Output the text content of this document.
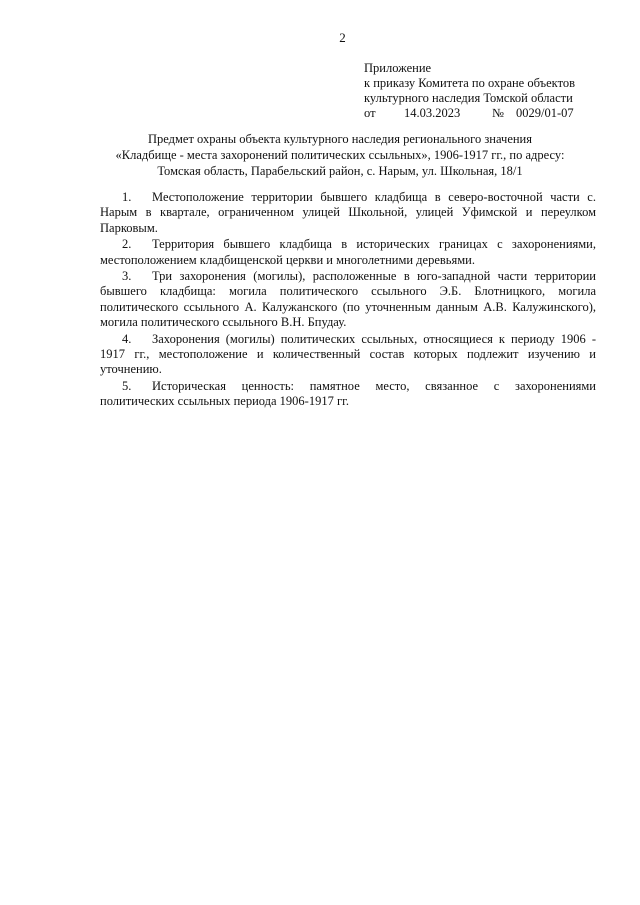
2
Приложение
к приказу Комитета по охране объектов
культурного наследия Томской области
от 14.03.2023	№ 0029/01-07
Предмет охраны объекта культурного наследия регионального значения
«Кладбище - места захоронений политических ссыльных», 1906-1917 гг., по адресу:
Томская область, Парабельский район, с. Нарым, ул. Школьная, 18/1
1. Местоположение территории бывшего кладбища в северо-восточной части с. Нарым в квартале, ограниченном улицей Школьной, улицей Уфимской и переулком Парковым.
2. Территория бывшего кладбища в исторических границах с захоронениями, местоположением кладбищенской церкви и многолетними деревьями.
3. Три захоронения (могилы), расположенные в юго-западной части территории бывшего кладбища: могила политического ссыльного Э.Б. Блотницкого, могила политического ссыльного А. Калужанского (по уточненным данным А.В. Калужинского), могила политического ссыльного В.Н. Бпудау.
4. Захоронения (могилы) политических ссыльных, относящиеся к периоду 1906 - 1917 гг., местоположение и количественный состав которых подлежит изучению и уточнению.
5. Историческая ценность: памятное место, связанное с захоронениями политических ссыльных периода 1906-1917 гг.
